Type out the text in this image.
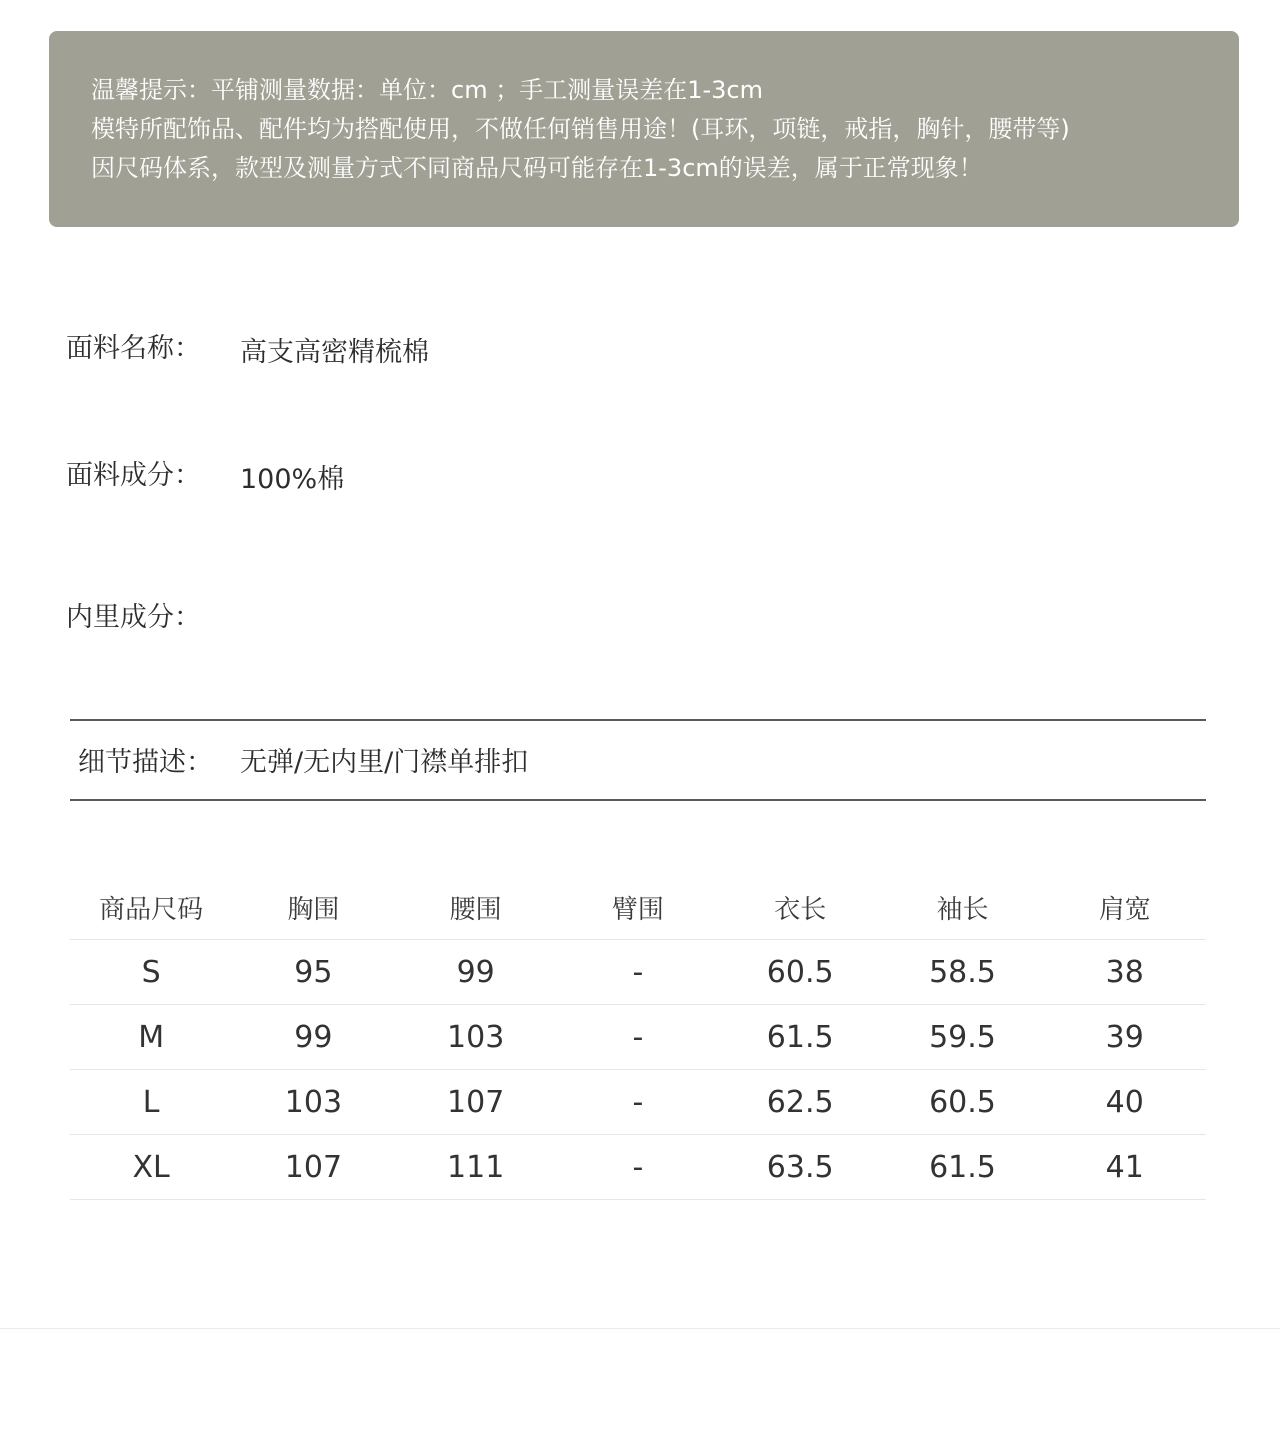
温馨提示：平铺测量数据：单位：cm ；手工测量误差在1-3cm
模特所配饰品、配件均为搭配使用，不做任何销售用途！(耳环，项链，戒指，胸针，腰带等)
因尺码体系，款型及测量方式不同商品尺码可能存在1-3cm的误差，属于正常现象！
面料名称： 高支高密精梳棉
面料成分： 100%棉
内里成分：
细节描述： 无弹/无内里/门襟单排扣
商品尺码	胸围	腰围	臂围	衣长	袖长	肩宽
S	95	99	-	60.5	58.5	38
M	99	103	-	61.5	59.5	39
L	103	107	-	62.5	60.5	40
XL	107	111	-	63.5	61.5	41
